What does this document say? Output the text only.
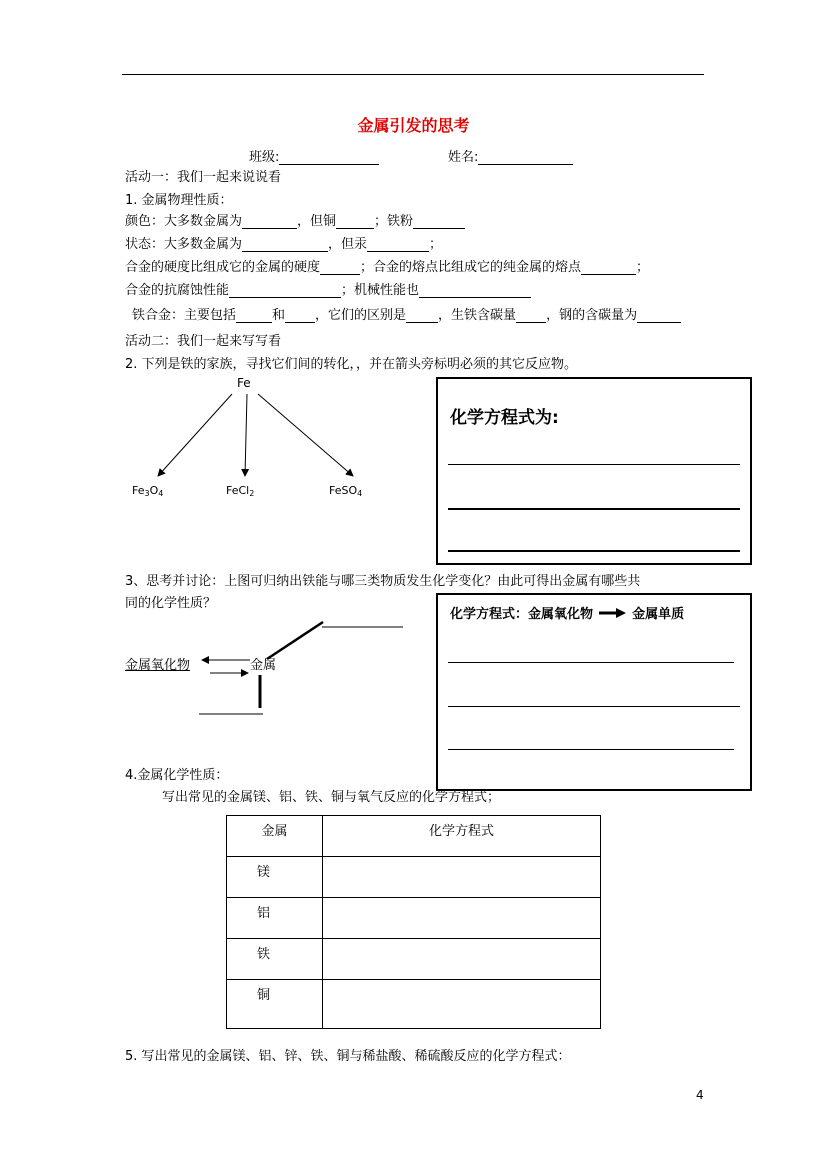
金属引发的思考
班级:	姓名:
活动一：我们一起来说说看
1. 金属物理性质：
颜色：大多数金属为	，但铜	；铁粉
状态：大多数金属为	，但汞	；
合金的硬度比组成它的金属的硬度	；合金的熔点比组成它的纯金属的熔点	；
合金的抗腐蚀性能	；机械性能也
铁合金：主要包括	和 ，它们的区别是 ，生铁含碳量 ，钢的含碳量为
活动二：我们一起来写写看
2. 下列是铁的家族，寻找它们间的转化，，并在箭头旁标明必须的其它反应物。
Fe
$Fe_3O_4$	FeCl$_2$	FeSO$_4$
化学方程式为:
3、思考并讨论：上图可归纳出铁能与哪三类物质发生化学变化？由此可得出金属有哪些共
同的化学性质？
金属氧化物	金属
化学方程式：金属氧化物	金属单质
4.金属化学性质：
写出常见的金属镁、铝、铁、铜与氧气反应的化学方程式；
金属	化学方程式
镁	
铝	
铁	
铜	
5. 写出常见的金属镁、铝、锌、铁、铜与稀盐酸、稀硫酸反应的化学方程式：
4
